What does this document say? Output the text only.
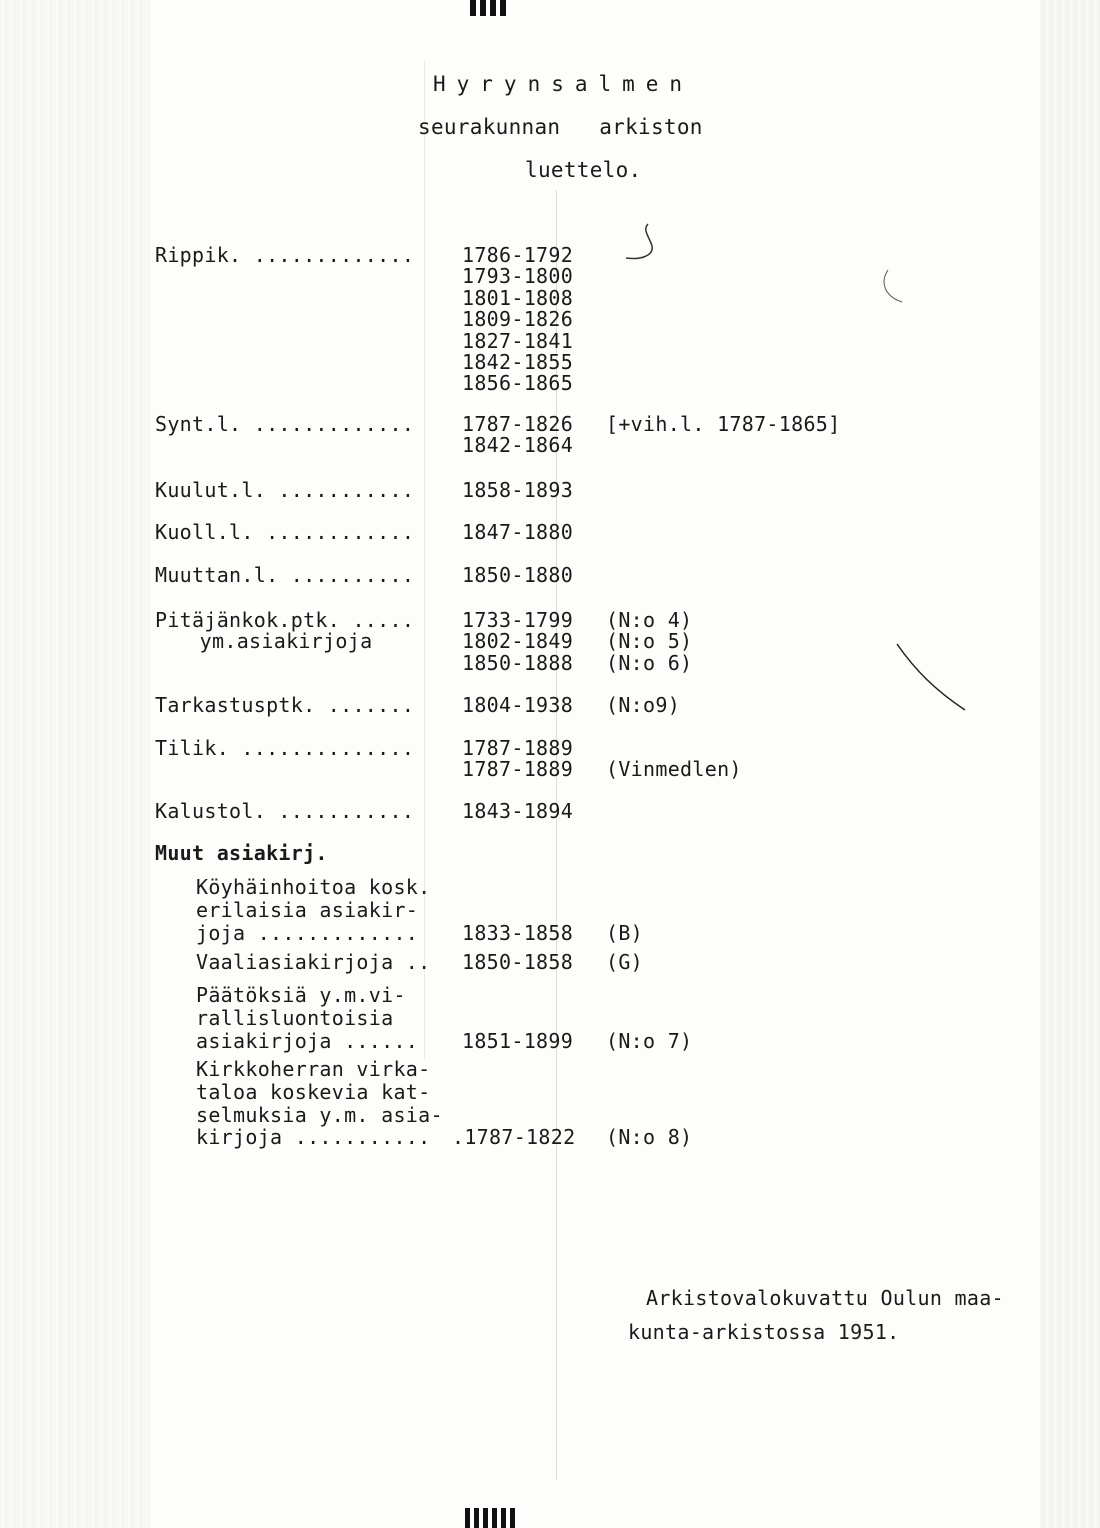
Hyrynsalmen
seurakunnan   arkiston
luettelo.
Rippik. ............. 1786-1792
1793-1800
1801-1808
1809-1826
1827-1841
1842-1855
1856-1865
Synt.l. ............. 1787-1826
1842-1864
[+vih.l. 1787-1865]
Kuulut.l. ........... 1858-1893
Kuoll.l. ............ 1847-1880
Muuttan.l. .......... 1850-1880
Pitäjänkok.ptk. .....
ym.asiakirjoja
1733-1799
1802-1849
1850-1888
(N:o 4)
(N:o 5)
(N:o 6)
Tarkastusptk. ....... 1804-1938 (N:o9)
Tilik. .............. 1787-1889
1787-1889 (Vinmedlen)
Kalustol. ........... 1843-1894
Muut asiakirj.
Köyhäinhoitoa kosk.
erilaisia asiakir-
joja ............. 1833-1858 (B)
Vaaliasiakirjoja .. 1850-1858 (G)
Päätöksiä y.m.vi-
rallisluontoisia
asiakirjoja ...... 1851-1899 (N:o 7)
Kirkkoherran virka-
taloa koskevia kat-
selmuksia y.m. asia-
kirjoja ........... .1787-1822 (N:o 8)
Arkistovalokuvattu Oulun maa-
kunta-arkistossa 1951.
